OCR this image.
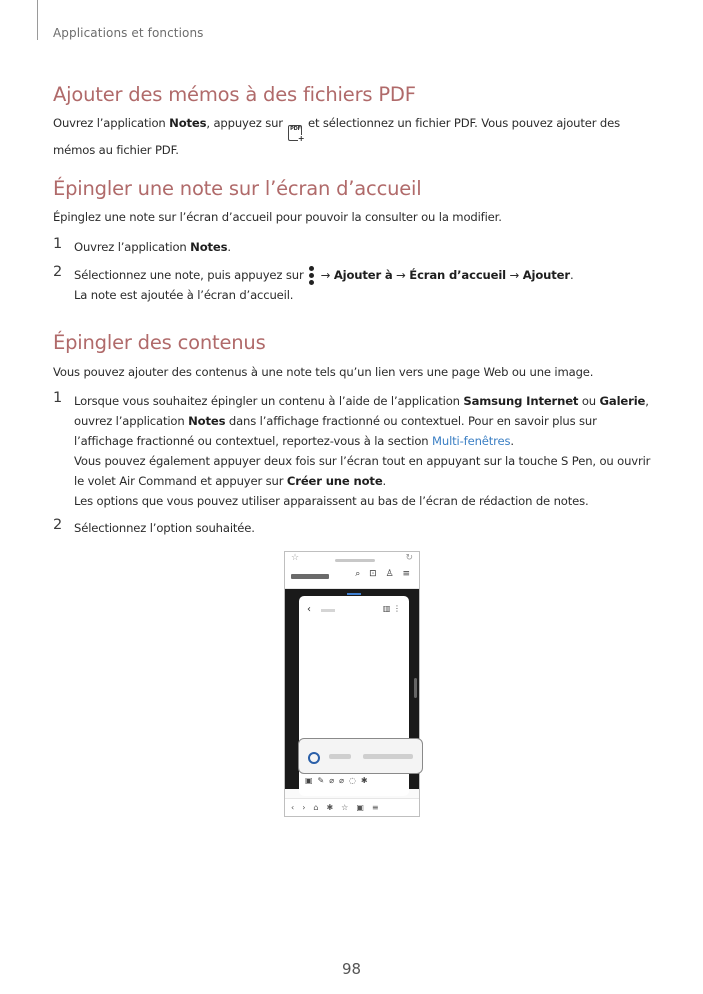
Applications et fonctions
Ajouter des mémos à des fichiers PDF
Ouvrez l’application Notes, appuyez sur PDF
+
et sélectionnez un fichier PDF. Vous pouvez ajouter des mémos au fichier PDF.
Épingler une note sur l’écran d’accueil
Épinglez une note sur l’écran d’accueil pour pouvoir la consulter ou la modifier.
1 Ouvrez l’application Notes.
2 Sélectionnez une note, puis appuyez sur → Ajouter à → Écran d’accueil → Ajouter.
La note est ajoutée à l’écran d’accueil.
Épingler des contenus
Vous pouvez ajouter des contenus à une note tels qu’un lien vers une page Web ou une image.
1 Lorsque vous souhaitez épingler un contenu à l’aide de l’application Samsung Internet ou Galerie, ouvrez l’application Notes dans l’affichage fractionné ou contextuel. Pour en savoir plus sur l’affichage fractionné ou contextuel, reportez-vous à la section Multi-fenêtres.
Vous pouvez également appuyer deux fois sur l’écran tout en appuyant sur la touche S Pen, ou ouvrir le volet Air Command et appuyer sur Créer une note.
Les options que vous pouvez utiliser apparaissent au bas de l’écran de rédaction de notes.
2 Sélectionnez l’option souhaitée.
☆	↻
⌕ ⊡ ♙ ≡
‹	▥ ⋮
▣✎⌀⌀◌✱
‹›⌂✱☆▣≡
98
